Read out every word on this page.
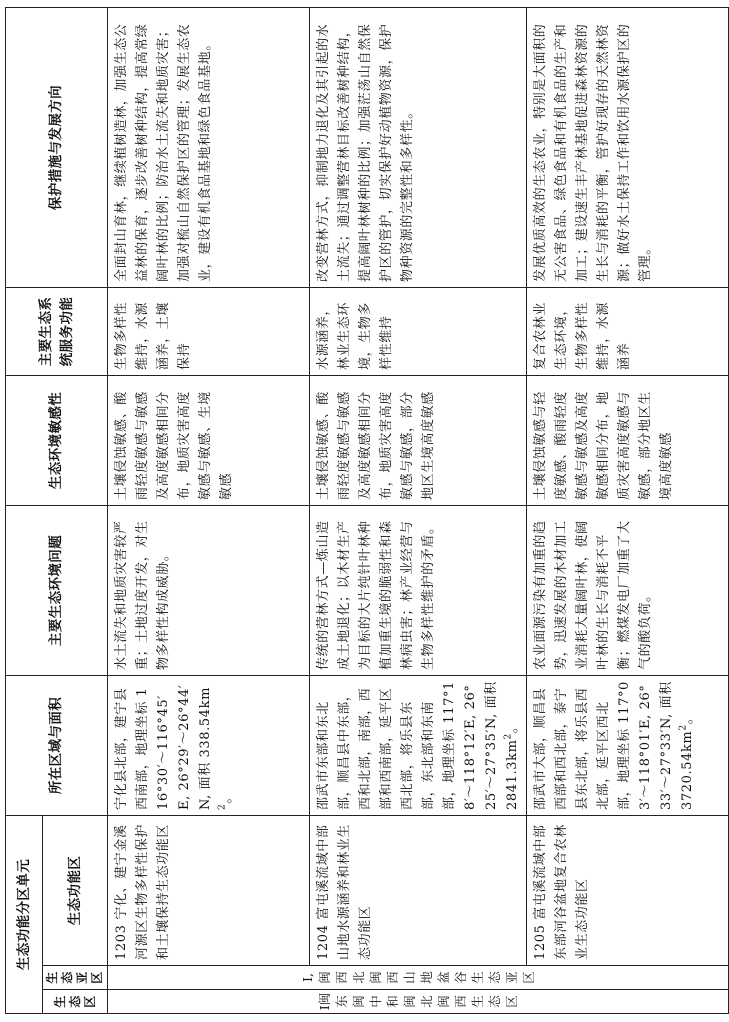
生态功能分区单元			所在区域与面积	主要生态环境问题	生态环境敏感性	主要生态系统服务功能	保护措施与发展方向
生态区	生态亚区	生态功能区					
Ⅰ闽东闽中和闽北闽西生态区	Ⅰ,闽西北闽西山地盆谷生态亚区	1203 宁化、建宁金溪河源区生物多样性保护和土壤保持生态功能区	宁化县北部，建宁县西南部，地理坐标 116°30′～116°45′E, 26°29′～26°44′N, 面积 338.54km $^2$。	水土流失和地质灾害较严重；土地过度开发，对生物多样性构成威胁。	土壤侵蚀敏感、酸雨轻度敏感与敏感及高度敏感相间分布，地质灾害高度敏感与敏感、生境敏感	生物多样性维持，水源涵养，土壤保持	全面封山育林，继续植树造林，加强生态公益林的保育，逐步改善树种结构，提高常绿阔叶林的比例；防治水土流失和地质灾害；加强对梳山自然保护区的管理；发展生态农业，建设有机食品基地和绿色食品基地。
		1204 富屯溪流域中部山地水源涵养和林业生态功能区	邵武市东部和东北部，顺昌县中东部，西和北部，南部，西部和西南部，延平区西北部，将乐县东部，东北部和东南部，地理坐标 117°18′～118°12′E, 26°25′～27°35′N, 面积 $2841.3km^2$。	传统的营林方式—炼山造成土地退化；以木材生产为目标的大片纯针叶林种植加重生境的脆弱性和森林病虫害；林产业经营与生物多样性维护的矛盾。	土壤侵蚀敏感、酸雨轻度敏感与敏感及高度敏感相间分布，地质灾害高度敏感与敏感，部分地区生境高度敏感	水源涵养，林业生态环境，生物多样性维持	改变营林方式，抑制地力退化及其引起的水土流失；通过调整营林目标改善树种结构，提高阔叶林树种的比例；加强茫荡山自然保护区的管护，切实保护好动植物资源，保护物种资源的完整性和多样性。
		1205 富屯溪流域中部东部河谷盆地复合农林业生态功能区	邵武市大部，顺昌县西部和西北部，泰宁县东北部，将乐县西北部，延平区西北部，地理坐标 117°03′～118°01′E, 26°33′～27°33′N, 面积 $3720.54km^2$。	农业面源污染有加重的趋势，迅速发展的木材加工业消耗大量阔叶林，使阔叶林的生长与消耗不平衡；燃煤发电厂加重了大气的酸负荷。	土壤侵蚀敏感与轻度敏感、酸雨轻度敏感与敏感及高度敏感相间分布，地质灾害高度敏感与敏感，部分地区生境高度敏感	复合农林业生态环境，生物多样性维持，水源涵养	发展优质高效的生态农业，特别是大面积的无公害食品、绿色食品和有机食品的生产和加工；建设速生丰产林基地促进森林资源的生长与消耗的平衡，管护好现存的天然林资源；做好水土保持工作和饮用水源保护区的管理。
